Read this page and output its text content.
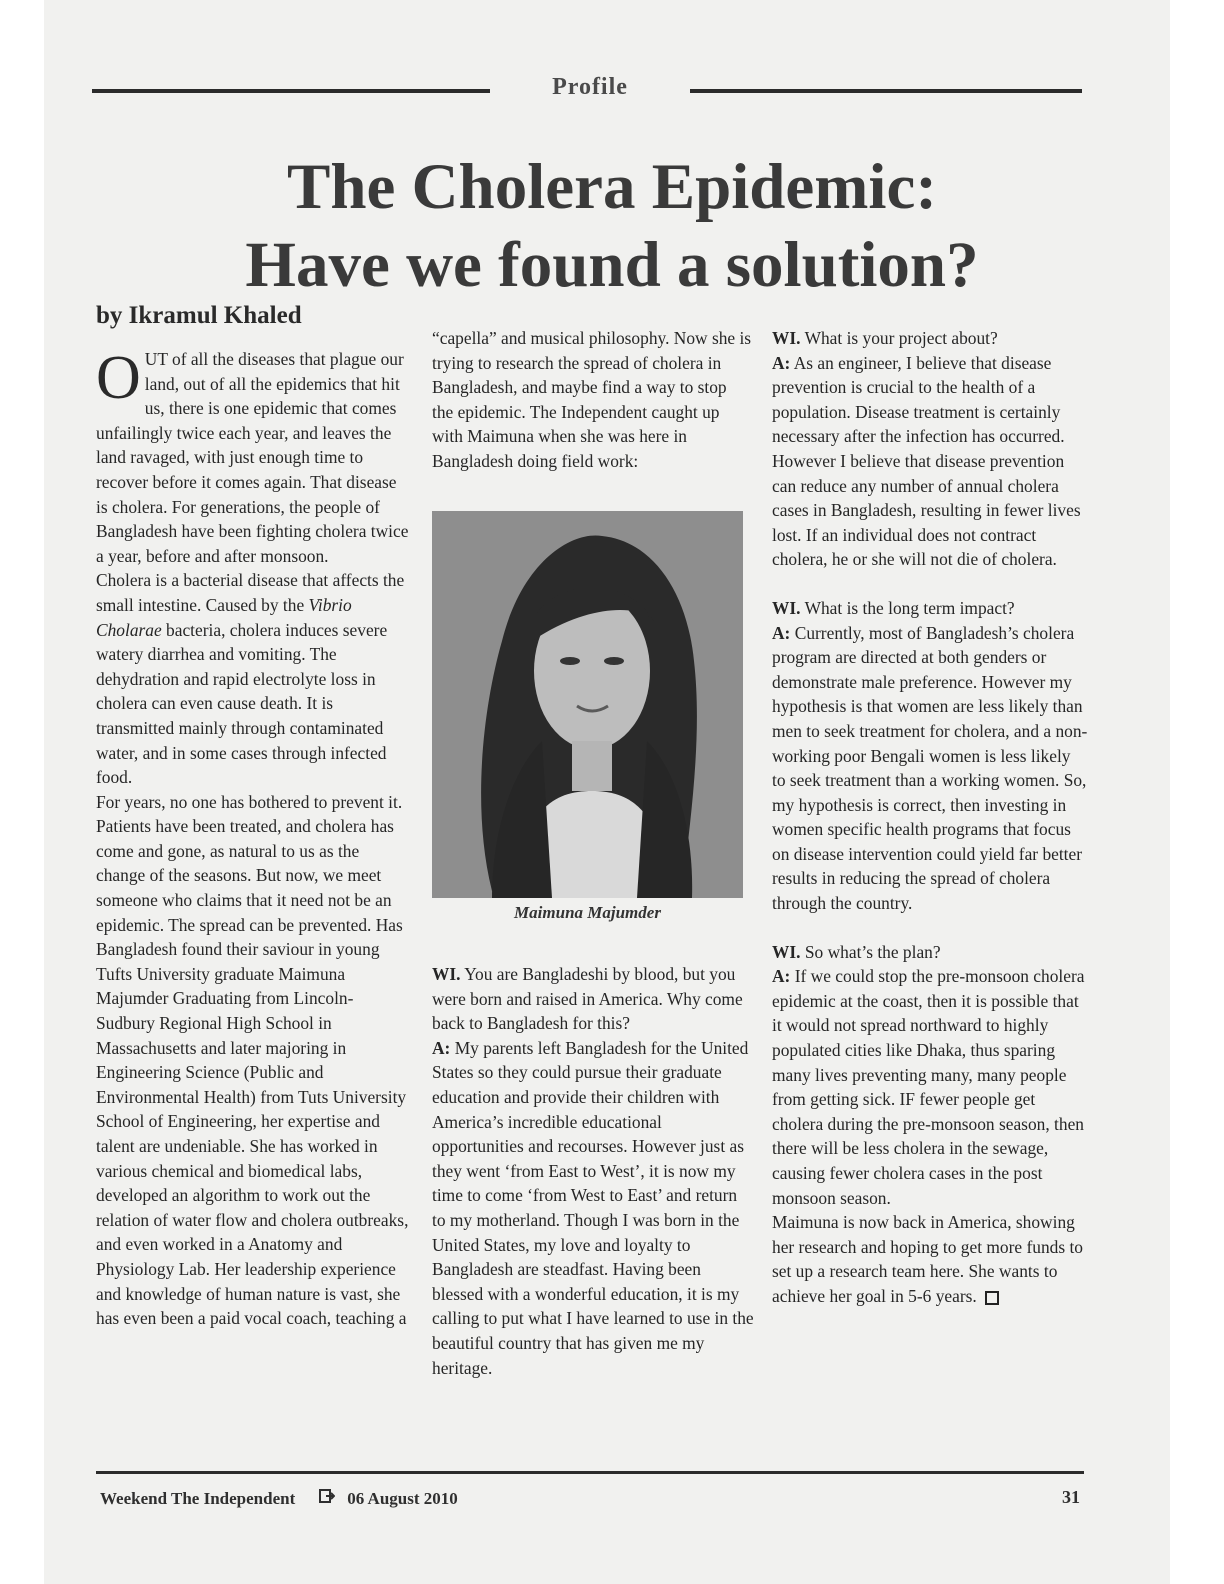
Profile
The Cholera Epidemic:
Have we found a solution?
by Ikramul Khaled

OUT of all the diseases that plague our land, out of all the epidemics that hit us, there is one epidemic that comes unfailingly twice each year, and leaves the land ravaged, with just enough time to recover before it comes again. That disease is cholera. For generations, the people of Bangladesh have been fighting cholera twice a year, before and after monsoon.

Cholera is a bacterial disease that affects the small intestine. Caused by the Vibrio Cholarae bacteria, cholera induces severe watery diarrhea and vomiting. The dehydration and rapid electrolyte loss in cholera can even cause death. It is transmitted mainly through contaminated water, and in some cases through infected food.

For years, no one has bothered to prevent it. Patients have been treated, and cholera has come and gone, as natural to us as the change of the seasons. But now, we meet someone who claims that it need not be an epidemic. The spread can be prevented. Has Bangladesh found their saviour in young Tufts University graduate Maimuna Majumder Graduating from Lincoln-Sudbury Regional High School in Massachusetts and later majoring in Engineering Science (Public and Environmental Health) from Tuts University School of Engineering, her expertise and talent are undeniable. She has worked in various chemical and biomedical labs, developed an algorithm to work out the relation of water flow and cholera outbreaks, and even worked in a Anatomy and Physiology Lab. Her leadership experience and knowledge of human nature is vast, she has even been a paid vocal coach, teaching a

“capella” and musical philosophy. Now she is trying to research the spread of cholera in Bangladesh, and maybe find a way to stop the epidemic. The Independent caught up with Maimuna when she was here in Bangladesh doing field work:

Maimuna Majumder

WI. You are Bangladeshi by blood, but you were born and raised in America. Why come back to Bangladesh for this?

A: My parents left Bangladesh for the United States so they could pursue their graduate education and provide their children with America’s incredible educational opportunities and recourses. However just as they went ‘from East to West’, it is now my time to come ‘from West to East’ and return to my motherland. Though I was born in the United States, my love and loyalty to Bangladesh are steadfast. Having been blessed with a wonderful education, it is my calling to put what I have learned to use in the beautiful country that has given me my heritage.

WI. What is your project about?

A: As an engineer, I believe that disease prevention is crucial to the health of a population. Disease treatment is certainly necessary after the infection has occurred. However I believe that disease prevention can reduce any number of annual cholera cases in Bangladesh, resulting in fewer lives lost. If an individual does not contract cholera, he or she will not die of cholera.

WI. What is the long term impact?

A: Currently, most of Bangladesh’s cholera program are directed at both genders or demonstrate male preference. However my hypothesis is that women are less likely than men to seek treatment for cholera, and a non-working poor Bengali women is less likely to seek treatment than a working women. So, my hypothesis is correct, then investing in women specific health programs that focus on disease intervention could yield far better results in reducing the spread of cholera through the country.

WI. So what’s the plan?

A: If we could stop the pre-monsoon cholera epidemic at the coast, then it is possible that it would not spread northward to highly populated cities like Dhaka, thus sparing many lives preventing many, many people from getting sick. IF fewer people get cholera during the pre-monsoon season, then there will be less cholera in the sewage, causing fewer cholera cases in the post monsoon season.

Maimuna is now back in America, showing her research and hoping to get more funds to set up a research team here. She wants to achieve her goal in 5-6 years.

Weekend The Independent	06 August 2010	31
